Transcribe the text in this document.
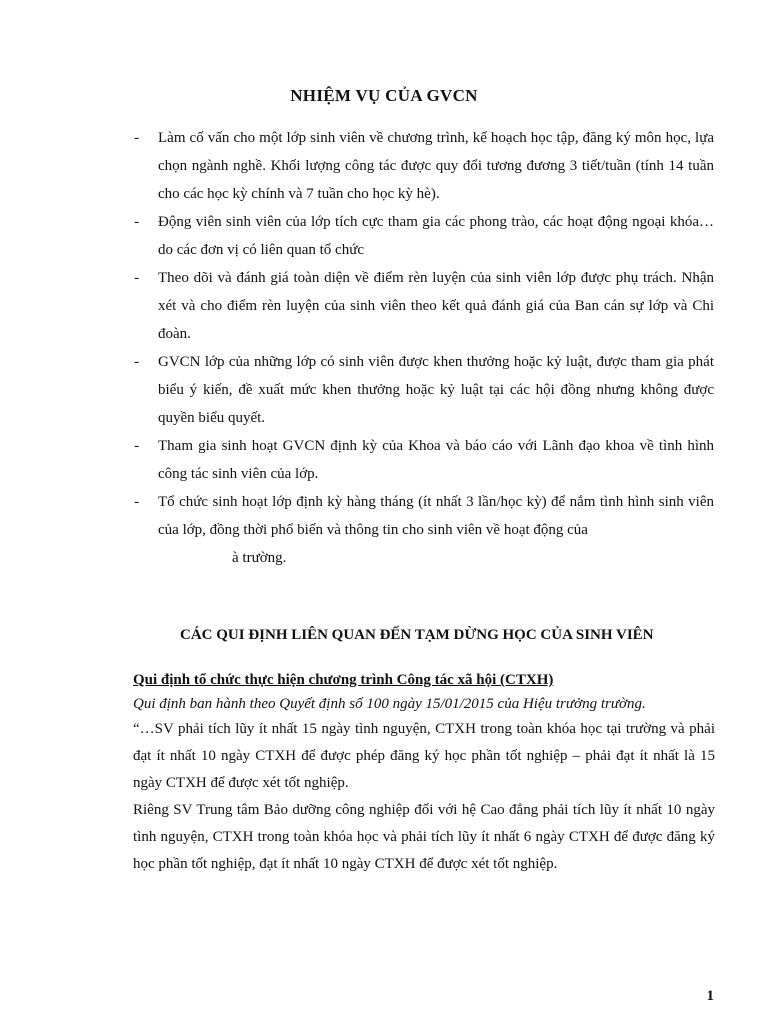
NHIỆM VỤ CỦA GVCN
-	Làm cố vấn cho một lớp sinh viên về chương trình, kế hoạch học tập, đăng ký môn học, lựa chọn ngành nghề. Khối lượng công tác được quy đổi tương đương 3 tiết/tuần (tính 14 tuần cho các học kỳ chính và 7 tuần cho học kỳ hè).
-	Động viên sinh viên của lớp tích cực tham gia các phong trào, các hoạt động ngoại khóa… do các đơn vị có liên quan tổ chức
-	Theo dõi và đánh giá toàn diện về điểm rèn luyện của sinh viên lớp được phụ trách. Nhận xét và cho điểm rèn luyện của sinh viên theo kết quả đánh giá của Ban cán sự lớp và Chi đoàn.
-	GVCN lớp của những lớp có sinh viên được khen thưởng hoặc kỷ luật, được tham gia phát biểu ý kiến, đề xuất mức khen thưởng hoặc kỷ luật tại các hội đồng nhưng không được quyền biểu quyết.
-	Tham gia sinh hoạt GVCN định kỳ của Khoa và báo cáo với Lãnh đạo khoa về tình hình công tác sinh viên của lớp.
-	Tổ chức sinh hoạt lớp định kỳ hàng tháng (ít nhất 3 lần/học kỳ) để nắm tình hình sinh viên của lớp, đồng thời phổ biến và thông tin cho sinh viên về hoạt động của
à trường.
CÁC QUI ĐỊNH LIÊN QUAN ĐẾN TẠM DỪNG HỌC CỦA SINH VIÊN
Qui định tổ chức thực hiện chương trình Công tác xã hội (CTXH)
Qui định ban hành theo Quyết định số 100 ngày 15/01/2015 của Hiệu trưởng trường.

“…SV phải tích lũy ít nhất 15 ngày tình nguyện, CTXH trong toàn khóa học tại trường và phải đạt ít nhất 10 ngày CTXH để được phép đăng ký học phần tốt nghiệp – phải đạt ít nhất là 15 ngày CTXH để được xét tốt nghiệp.

Riêng SV Trung tâm Bảo dưỡng công nghiệp đối với hệ Cao đẳng phải tích lũy ít nhất 10 ngày tình nguyện, CTXH trong toàn khóa học và phải tích lũy ít nhất 6 ngày CTXH để được đăng ký học phần tốt nghiệp, đạt ít nhất 10 ngày CTXH để được xét tốt nghiệp.

1
